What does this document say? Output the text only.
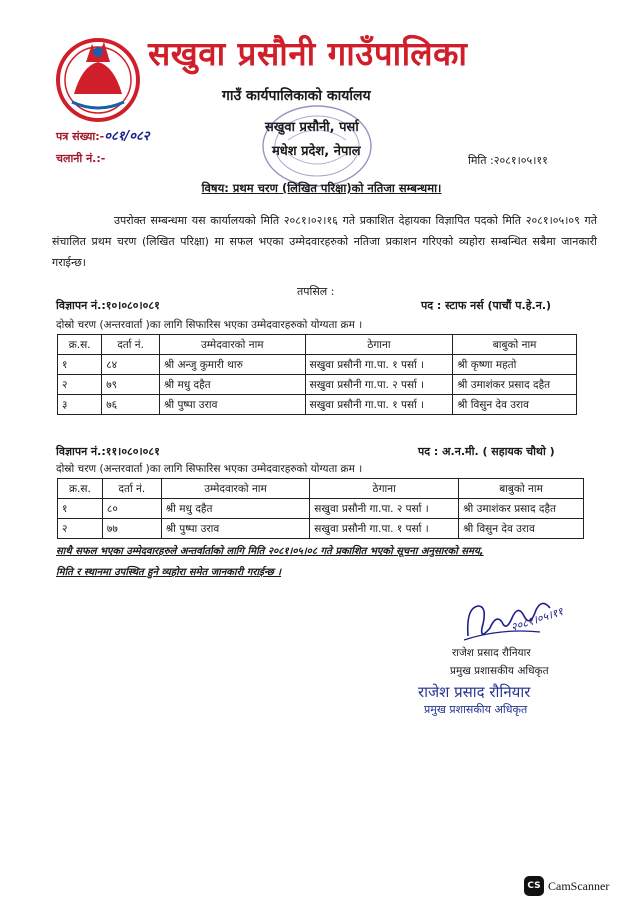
सखुवा प्रसौनी गाउँपालिका
गाउँ कार्यपालिकाको कार्यालय
सखुवा प्रसौनी, पर्सा
मधेश प्रदेश, नेपाल
पत्र संख्या:-०८१/०८२
चलानी नं.:-	मिति :२०८१।०५।११
विषय: प्रथम चरण (लिखित परिक्षा)को नतिजा सम्बन्धमा।
उपरोक्त सम्बन्धमा यस कार्यालयको मिति २०८१।०२।१६ गते प्रकाशित देहायका विज्ञापित पदको मिति २०८१।०५।०९ गते संचालित प्रथम चरण (लिखित परिक्षा) मा सफल भएका उम्मेदवारहरुको नतिजा प्रकाशन गरिएको व्यहोरा सम्बन्धित सबैमा जानकारी गराईन्छ।
तपसिल :
विज्ञापन नं.:१०।०८०।०८१	पद : स्टाफ नर्स (पाचौं प.हे.न.)
दोस्रो चरण (अन्तरवार्ता )का लागि सिफारिस भएका उम्मेदवारहरुको योग्यता क्रम ।
क्र.स.	दर्ता नं.	उम्मेदवारको नाम	ठेगाना	बाबुको नाम
१	८४	श्री अन्जु कुमारी थारु	सखुवा प्रसौनी गा.पा. १ पर्सा ।	श्री कृष्णा महतो
२	७९	श्री मधु दहैत	सखुवा प्रसौनी गा.पा. २ पर्सा ।	श्री उमाशंकर प्रसाद दहैत
३	७६	श्री पुष्पा उराव	सखुवा प्रसौनी गा.पा. १ पर्सा ।	श्री विसुन देव उराव
विज्ञापन नं.:११।०८०।०८१	पद : अ.न.मी. ( सहायक चौथो )
दोस्रो चरण (अन्तरवार्ता )का लागि सिफारिस भएका उम्मेदवारहरुको योग्यता क्रम ।
क्र.स.	दर्ता नं.	उम्मेदवारको नाम	ठेगाना	बाबुको नाम
१	८०	श्री मधु दहैत	सखुवा प्रसौनी गा.पा. २ पर्सा ।	श्री उमाशंकर प्रसाद दहैत
२	७७	श्री पुष्पा उराव	सखुवा प्रसौनी गा.पा. १ पर्सा ।	श्री विसुन देव उराव
साथै सफल भएका उम्मेदवारहरुले अन्तर्वार्ताको लागि मिति २०८१।०५।०८ गते प्रकाशित भएको सूचना अनुसारको समय,
मिति र स्थानमा उपस्थित हुने व्यहोरा समेत जानकारी गराईन्छ ।
२०८१।०५।११
राजेश प्रसाद रौनियार
प्रमुख प्रशासकीय अधिकृत
राजेश प्रसाद रौनियार
प्रमुख प्रशासकीय अधिकृत
CS CamScanner
